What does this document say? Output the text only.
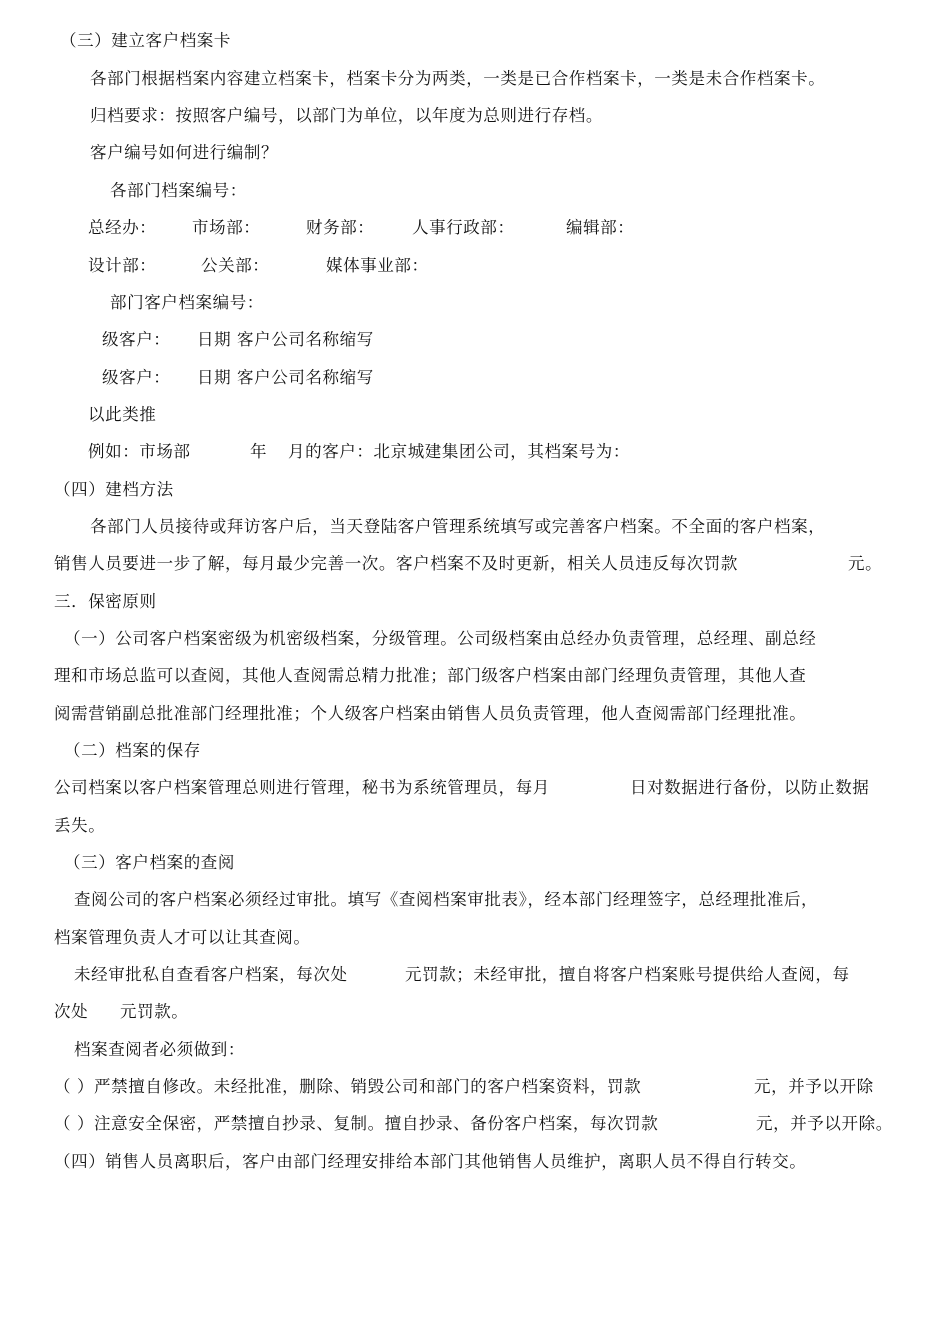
（三）建立客户档案卡
各部门根据档案内容建立档案卡，档案卡分为两类，一类是已合作档案卡，一类是未合作档案卡。
归档要求：按照客户编号，以部门为单位，以年度为总则进行存档。
客户编号如何进行编制？
各部门档案编号：
总经办： 市场部：	财务部： 人事行政部：	编辑部：
设计部：	公关部：	媒体事业部：
部门客户档案编号：
级客户： 日期 客户公司名称缩写
级客户： 日期 客户公司名称缩写
以此类推
例如：市场部	年 月的客户：北京城建集团公司，其档案号为：
（四）建档方法
各部门人员接待或拜访客户后，当天登陆客户管理系统填写或完善客户档案。不全面的客户档案，
销售人员要进一步了解，每月最少完善一次。客户档案不及时更新，相关人员违反每次罚款	元。
三．保密原则
（一）公司客户档案密级为机密级档案，分级管理。公司级档案由总经办负责管理，总经理、副总经
理和市场总监可以查阅，其他人查阅需总精力批准；部门级客户档案由部门经理负责管理，其他人查
阅需营销副总批准部门经理批准；个人级客户档案由销售人员负责管理，他人查阅需部门经理批准。
（二）档案的保存
公司档案以客户档案管理总则进行管理，秘书为系统管理员，每月	日对数据进行备份，以防止数据
丢失。
（三）客户档案的查阅
查阅公司的客户档案必须经过审批。填写《查阅档案审批表》，经本部门经理签字，总经理批准后，
档案管理负责人才可以让其查阅。
未经审批私自查看客户档案，每次处	元罚款；未经审批，擅自将客户档案账号提供给人查阅，每
次处 元罚款。
档案查阅者必须做到：
（ ）严禁擅自修改。未经批准，删除、销毁公司和部门的客户档案资料，罚款	元，并予以开除
（ ）注意安全保密，严禁擅自抄录、复制。擅自抄录、备份客户档案，每次罚款	元，并予以开除。
（四）销售人员离职后，客户由部门经理安排给本部门其他销售人员维护，离职人员不得自行转交。
